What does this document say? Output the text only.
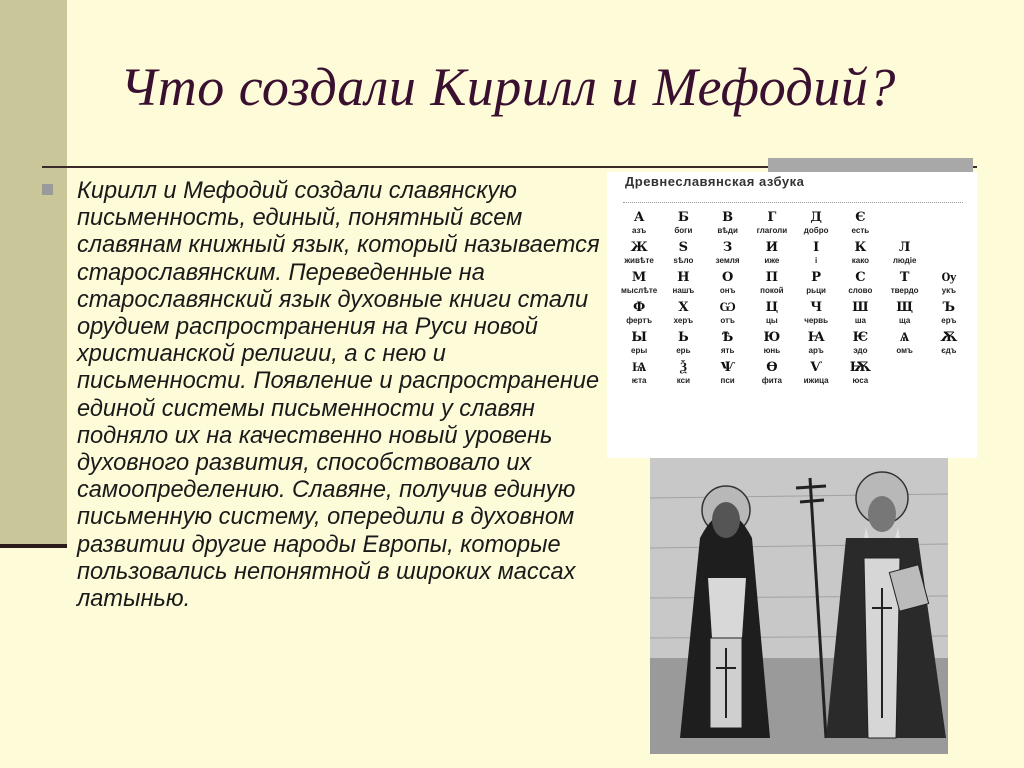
Что создали Кирилл и Мефодий?

Кирилл и Мефодий создали славянскую письменность, единый, понятный всем славянам книжный язык, который называется старославянским. Переведенные на старославянский язык духовные книги стали орудием распространения на Руси новой христианской религии, а с нею и письменности. Появление и распространение единой системы письменности у славян подняло их на качественно новый уровень духовного развития, способствовало их самоопределению. Славяне, получив единую письменную систему, опередили в духовном развитии другие народы Европы, которые пользовались непонятной в широких массах латынью.

Древнеславянская азбука
А
азъ
Б
боги
В
вѣди
Г
глаголи
Д
добро
Є
есть
Ж
живѣте
Ѕ
ѕѣло
З
земля
И
иже
І
і
К
како
Л
людіе
М
мыслѣте
Н
нашъ
О
онъ
П
покой
Р
рьци
С
слово
Т
твердо
Ѹ
укъ
Ф
фертъ
Х
херъ
Ѡ
отъ
Ц
цы
Ч
червь
Ш
ша
Щ
ща
Ъ
еръ
Ы
еры
Ь
ерь
Ѣ
ять
Ю
юнь
Ꙗ
аръ
Ѥ
эдо
Ѧ
омъ
Ѫ
єдъ
Ѩ
ѥта
Ѯ
кси
Ѱ
пси
Ѳ
фита
Ѵ
ижица
Ѭ
юса
